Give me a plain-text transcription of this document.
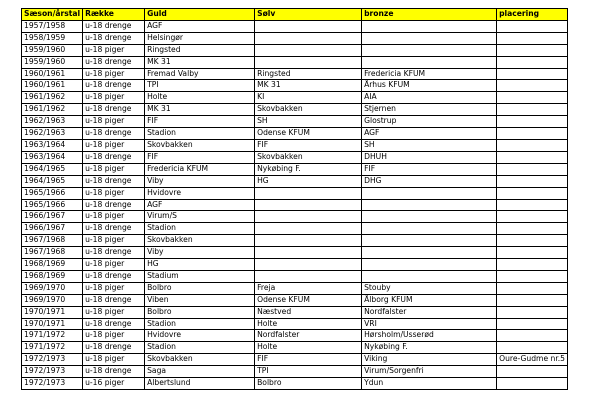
Sæson/årstal	Række	Guld	Sølv	bronze	placering
1957/1958	u-18 drenge	AGF			
1958/1959	u-18 drenge	Helsingør			
1959/1960	u-18 piger	Ringsted			
1959/1960	u-18 drenge	MK 31			
1960/1961	u-18 piger	Fremad Valby	Ringsted	Fredericia KFUM	
1960/1961	u-18 drenge	TPI	MK 31	Århus KFUM	
1961/1962	u-18 piger	Holte	KI	AIA	
1961/1962	u-18 drenge	MK 31	Skovbakken	Stjernen	
1962/1963	u-18 piger	FIF	SH	Glostrup	
1962/1963	u-18 drenge	Stadion	Odense KFUM	AGF	
1963/1964	u-18 piger	Skovbakken	FIF	SH	
1963/1964	u-18 drenge	FIF	Skovbakken	DHUH	
1964/1965	u-18 piger	Fredericia KFUM	Nykøbing F.	FIF	
1964/1965	u-18 drenge	Viby	HG	DHG	
1965/1966	u-18 piger	Hvidovre			
1965/1966	u-18 drenge	AGF			
1966/1967	u-18 piger	Virum/S			
1966/1967	u-18 drenge	Stadion			
1967/1968	u-18 piger	Skovbakken			
1967/1968	u-18 drenge	Viby			
1968/1969	u-18 piger	HG			
1968/1969	u-18 drenge	Stadium			
1969/1970	u-18 piger	Bolbro	Freja	Stouby	
1969/1970	u-18 drenge	Viben	Odense KFUM	Ålborg KFUM	
1970/1971	u-18 piger	Bolbro	Næstved	Nordfalster	
1970/1971	u-18 drenge	Stadion	Holte	VRI	
1971/1972	u-18 piger	Hvidovre	Nordfalster	Hørsholm/Usserød	
1971/1972	u-18 drenge	Stadion	Holte	Nykøbing F.	
1972/1973	u-18 piger	Skovbakken	FIF	Viking	Oure-Gudme nr.5
1972/1973	u-18 drenge	Saga	TPI	Virum/Sorgenfri	
1972/1973	u-16 piger	Albertslund	Bolbro	Ydun	
